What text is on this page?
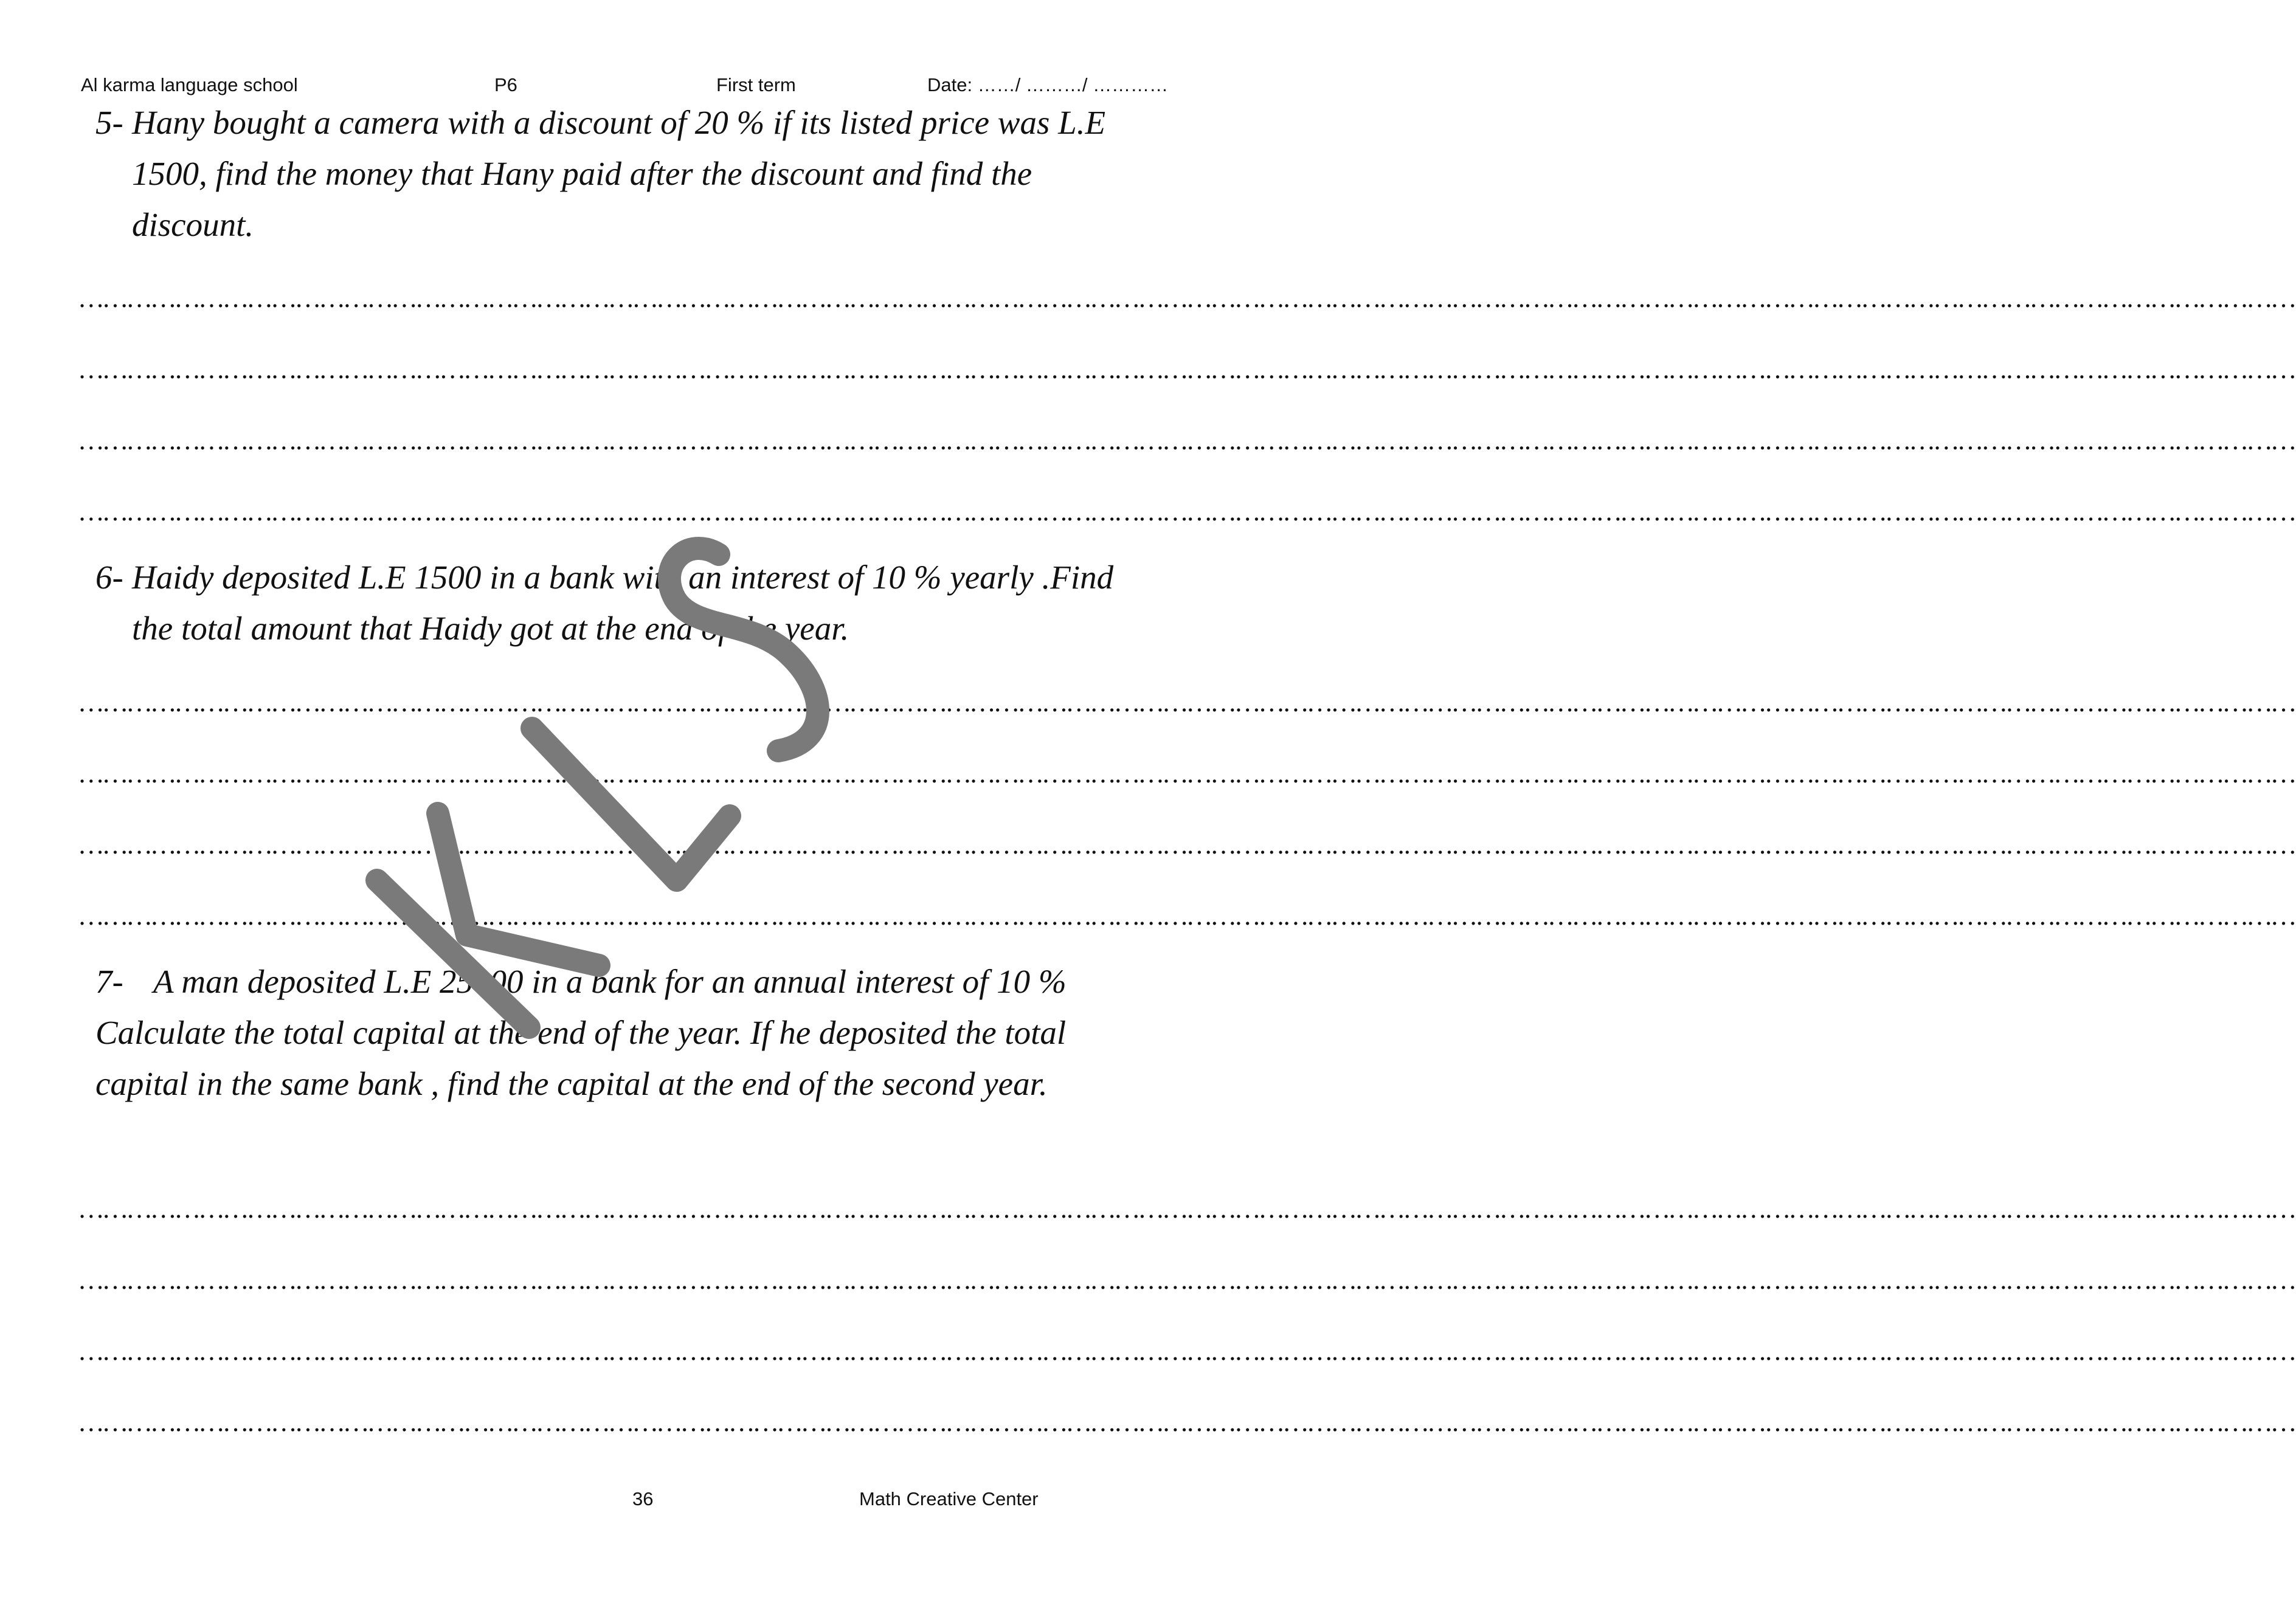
Al karma language school	P6	First term	Date: ……/ ………/ …………
5- Hany bought a camera with a discount of 20 % if its listed price was L.E
1500, find the money that Hany paid after the discount and find the
discount.
……………………………………………………………………………………………………………………………………………………………………………………………………………………………………………………
……………………………………………………………………………………………………………………………………………………………………………………………………………………………………………………
……………………………………………………………………………………………………………………………………………………………………………………………………………………………………………………
……………………………………………………………………………………………………………………………………………………………………………………………………………………………………………………
6- Haidy deposited L.E 1500 in a bank with an interest of 10 % yearly .Find
the total amount that Haidy got at the end of the year.
……………………………………………………………………………………………………………………………………………………………………………………………………………………………………………………
……………………………………………………………………………………………………………………………………………………………………………………………………………………………………………………
……………………………………………………………………………………………………………………………………………………………………………………………………………………………………………………
……………………………………………………………………………………………………………………………………………………………………………………………………………………………………………………
7- A man deposited L.E 25000 in a bank for an annual interest of 10 %
Calculate the total capital at the end of the year. If he deposited the total
capital in the same bank , find the capital at the end of the second year.
……………………………………………………………………………………………………………………………………………………………………………………………………………………………………………………
……………………………………………………………………………………………………………………………………………………………………………………………………………………………………………………
……………………………………………………………………………………………………………………………………………………………………………………………………………………………………………………
……………………………………………………………………………………………………………………………………………………………………………………………………………………………………………………
36	Math Creative Center
